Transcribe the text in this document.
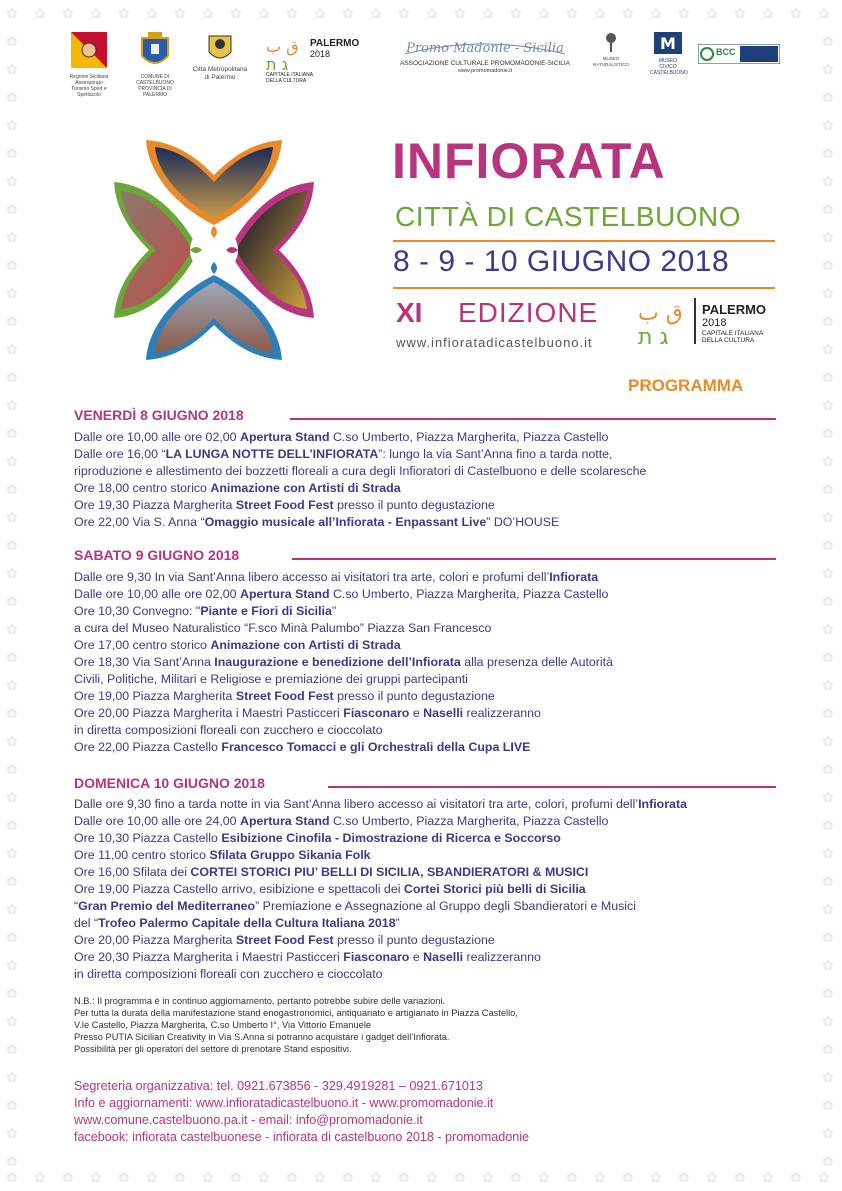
✿
✿
✿
✿
✿
✿
✿
✿
✿
✿
✿
✿
✿
✿
✿
✿
✿
✿
✿
✿
✿
✿
✿
✿
✿
✿
✿
✿
✿
✿
✿
✿
✿
✿
✿
✿
✿
✿
✿
✿
✿
✿
✿
✿
✿
✿
✿
✿
✿
✿
✿
✿
✿
✿
✿
✿
✿
✿
✿
✿
✿	✿
✿	✿
✿	✿
✿	✿
✿	✿
✿	✿
✿	✿
✿	✿
✿	✿
✿	✿
✿	✿
✿	✿
✿	✿
✿	✿
✿	✿
✿	✿
✿	✿
✿	✿
✿	✿
✿	✿
✿	✿
✿	✿
✿	✿
✿	✿
✿	✿
✿	✿
✿	✿
✿	✿
✿	✿
✿	✿
✿	✿
✿	✿
✿	✿
✿	✿
✿	✿
✿	✿
✿	✿
✿	✿
✿	✿
✿	✿
✿	✿
Regione Siciliana Assessorato Turismo Sport e Spettacolo
COMUNE DI CASTELBUONO PROVINCIA DI PALERMO
Città Metropolitana di Palermo
ق ب
ג ת
PALERMO
2018
CAPITALE ITALIANA DELLA CULTURA
Promo Madonie - Sicilia
ASSOCIAZIONE CULTURALE PROMOMADONIE-SICILIA
www.promomadonie.it
MUSEO NATURALISTICO
M
MUSEO CIVICO CASTELBUONO
BCC
INFIORATA
CITTÀ DI CASTELBUONO
8 - 9 - 10 GIUGNO 2018
XI EDIZIONE
www.infioratadicastelbuono.it
ق ب
ג ת
PALERMO
2018
CAPITALE ITALIANA DELLA CULTURA
PROGRAMMA
VENERDÌ 8 GIUGNO 2018
Dalle ore 10,00 alle ore 02,00 Apertura Stand C.so Umberto, Piazza Margherita, Piazza Castello
Dalle ore 16,00 “LA LUNGA NOTTE DELL’INFIORATA”: lungo la via Sant’Anna fino a tarda notte,
riproduzione e allestimento dei bozzetti floreali a cura degli Infioratori di Castelbuono e delle scolaresche
Ore 18,00 centro storico Animazione con Artisti di Strada
Ore 19,30 Piazza Margherita Street Food Fest presso il punto degustazione
Ore 22,00 Via S. Anna “Omaggio musicale all’Infiorata - Enpassant Live” DO’HOUSE
SABATO 9 GIUGNO 2018
Dalle ore 9,30 In via Sant’Anna libero accesso ai visitatori tra arte, colori e profumi dell’Infiorata
Dalle ore 10,00 alle ore 02,00 Apertura Stand C.so Umberto, Piazza Margherita, Piazza Castello
Ore 10,30 Convegno: "Piante e Fiori di Sicilia"
a cura del Museo Naturalistico “F.sco Minà Palumbo” Piazza San Francesco
Ore 17,00 centro storico Animazione con Artisti di Strada
Ore 18,30 Via Sant’Anna Inaugurazione e benedizione dell’Infiorata alla presenza delle Autorità
Civili, Politiche, Militari e Religiose e premiazione dei gruppi partecipanti
Ore 19,00 Piazza Margherita Street Food Fest presso il punto degustazione
Ore 20,00 Piazza Margherita i Maestri Pasticceri Fiasconaro e Naselli realizzeranno
in diretta composizioni floreali con zucchero e cioccolato
Ore 22,00 Piazza Castello Francesco Tomacci e gli Orchestrali della Cupa LIVE
DOMENICA 10 GIUGNO 2018
Dalle ore 9,30 fino a tarda notte in via Sant’Anna libero accesso ai visitatori tra arte, colori, profumi dell’Infiorata
Dalle ore 10,00 alle ore 24,00 Apertura Stand C.so Umberto, Piazza Margherita, Piazza Castello
Ore 10,30 Piazza Castello Esibizione Cinofila - Dimostrazione di Ricerca e Soccorso
Ore 11,00 centro storico Sfilata Gruppo Sikania Folk
Ore 16,00 Sfilata dei CORTEI STORICI PIU’ BELLI DI SICILIA, SBANDIERATORI & MUSICI
Ore 19,00 Piazza Castello arrivo, esibizione e spettacoli dei Cortei Storici più belli di Sicilia
“Gran Premio del Mediterraneo” Premiazione e Assegnazione al Gruppo degli Sbandieratori e Musici
del “Trofeo Palermo Capitale della Cultura Italiana 2018”
Ore 20,00 Piazza Margherita Street Food Fest presso il punto degustazione
Ore 20,30 Piazza Margherita i Maestri Pasticceri Fiasconaro e Naselli realizzeranno
in diretta composizioni floreali con zucchero e cioccolato
N.B.: Il programma è in continuo aggiornamento, pertanto potrebbe subire delle variazioni.
Per tutta la durata della manifestazione stand enogastronomici, antiquariato e artigianato in Piazza Castello,
V.le Castello, Piazza Margherita, C.so Umberto I°, Via Vittorio Emanuele
Presso PUTIA Sicilian Creativity in Via S.Anna si potranno acquistare i gadget dell’Infiorata.
Possibilità per gli operatori del settore di prenotare Stand espositivi.
Segreteria organizzativa: tel. 0921.673856 - 329.4919281 – 0921.671013
Info e aggiornamenti: www.infioratadicastelbuono.it - www.promomadonie.it
www.comune.castelbuono.pa.it - email: info@promomadonie.it
facebook: infiorata castelbuonese - infiorata di castelbuono 2018 - promomadonie
